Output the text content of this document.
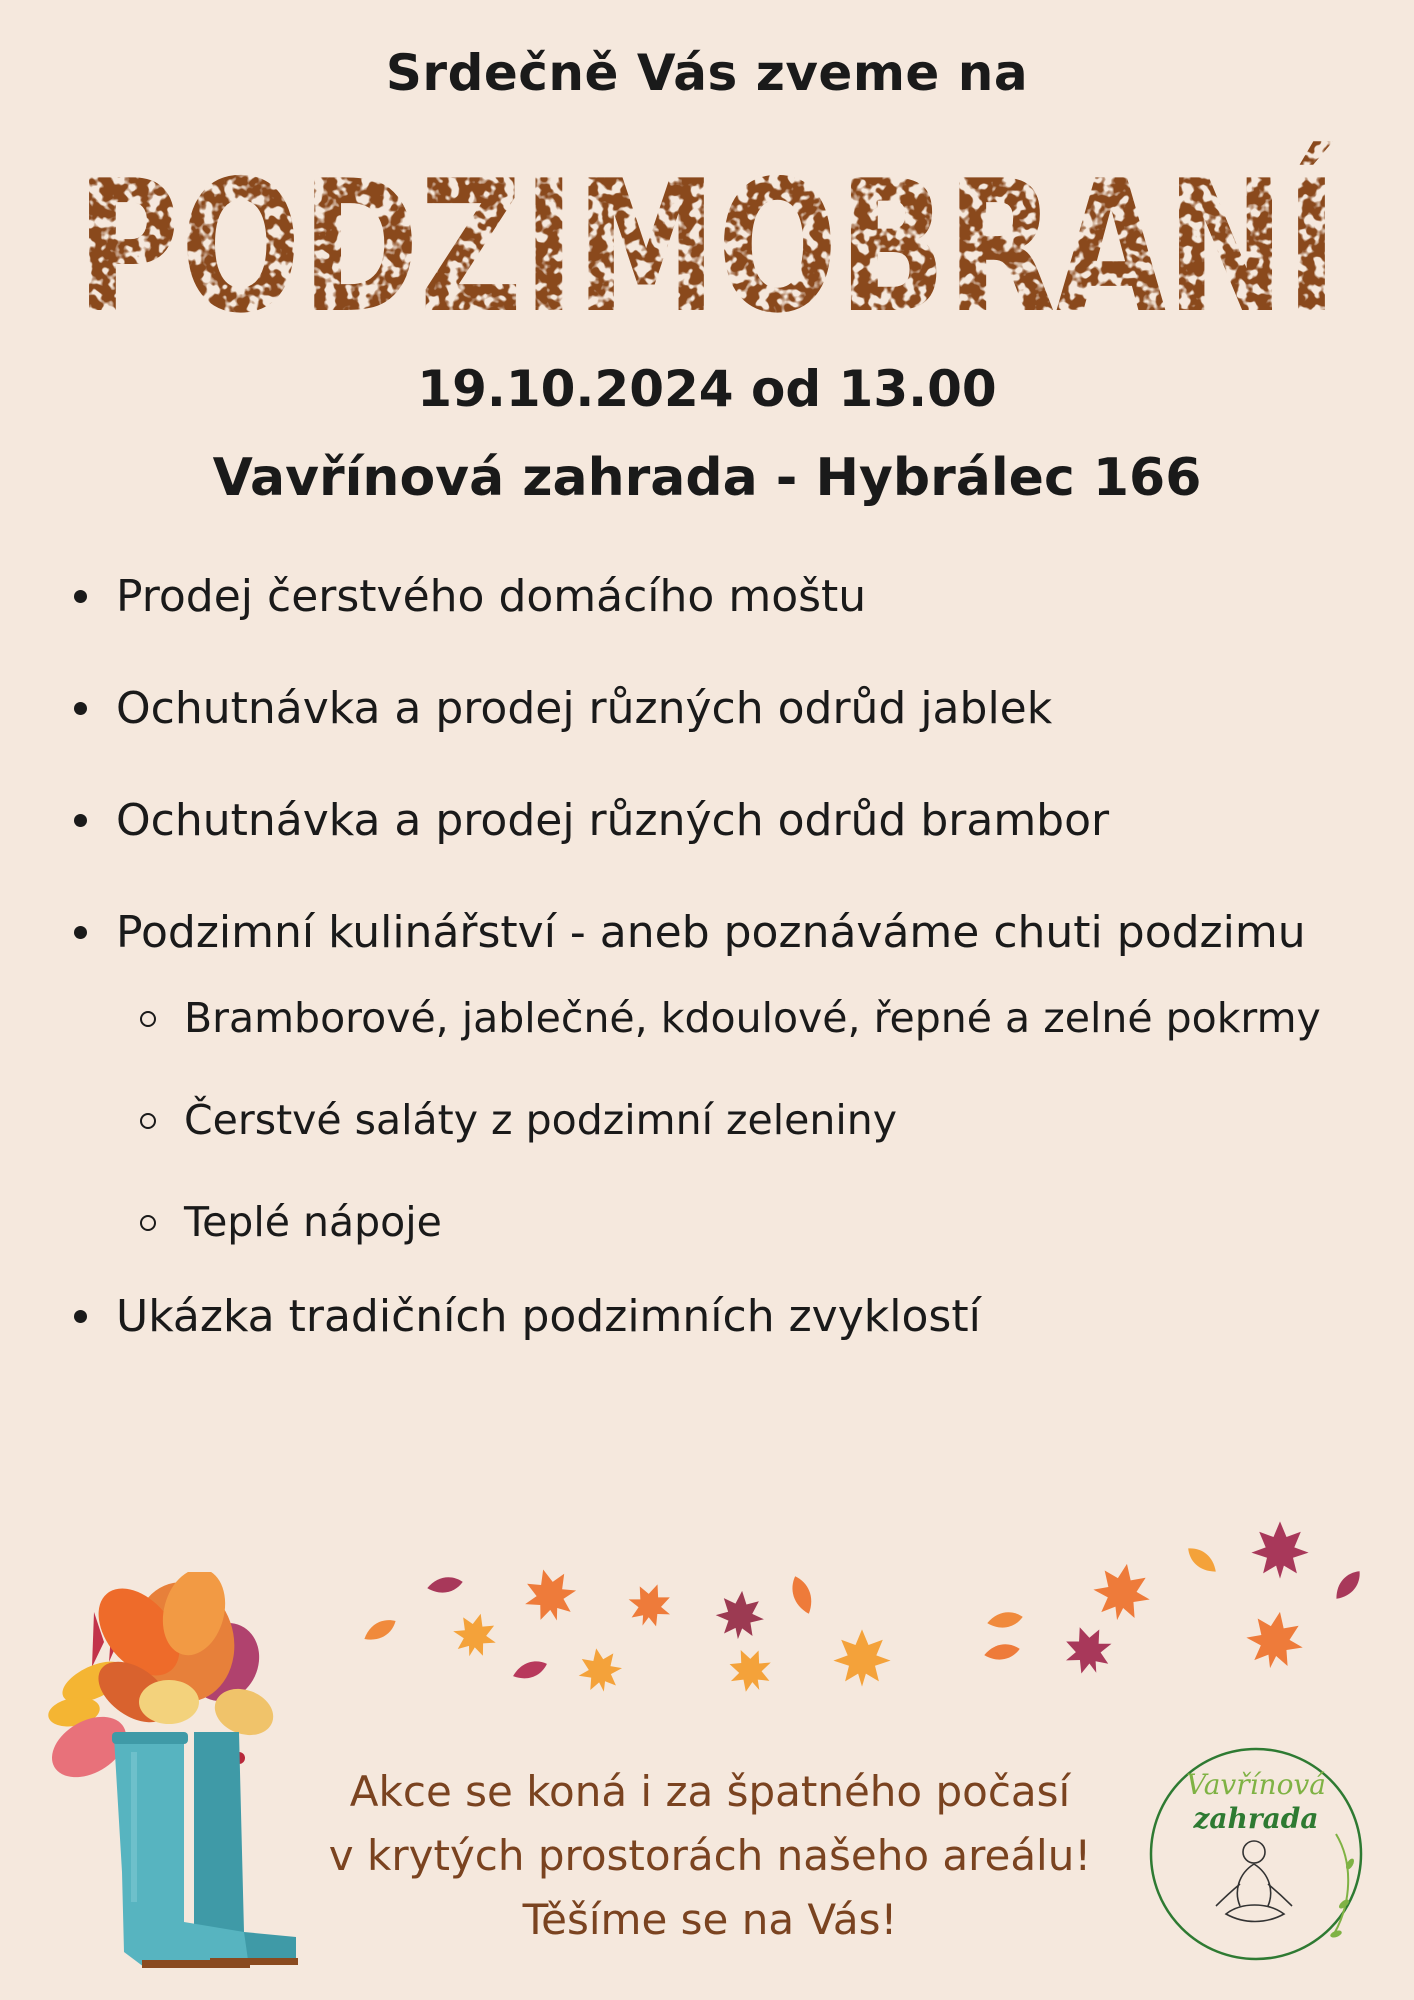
Srdečně Vás zveme na
PODZIMOBRANÍ
19.10.2024 od 13.00
Vavřínová zahrada - Hybrálec 166
Prodej čerstvého domácího moštu
Ochutnávka a prodej různých odrůd jablek
Ochutnávka a prodej různých odrůd brambor
Podzimní kulinářství - aneb poznáváme chuti podzimu
Bramborové, jablečné, kdoulové, řepné a zelné pokrmy
Čerstvé saláty z podzimní zeleniny
Teplé nápoje
Ukázka tradičních podzimních zvyklostí
Akce se koná i za špatného počasí
v krytých prostorách našeho areálu!
Těšíme se na Vás!
Vavřínová
zahrada
